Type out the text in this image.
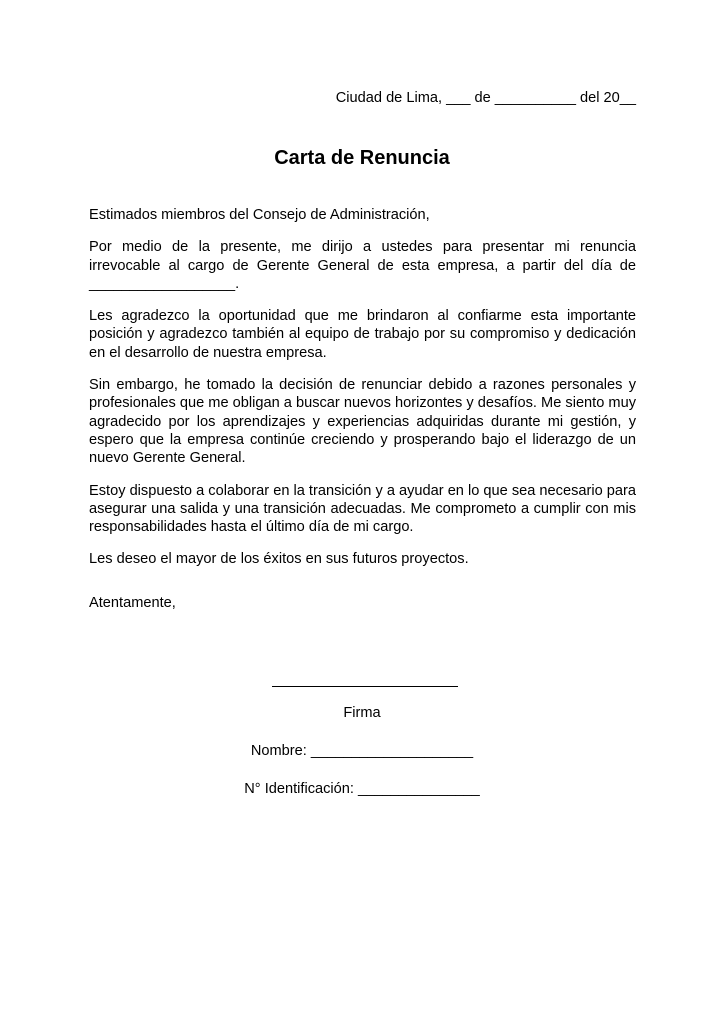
Ciudad de Lima, ___ de __________ del 20__
Carta de Renuncia

Estimados miembros del Consejo de Administración,

Por medio de la presente, me dirijo a ustedes para presentar mi renuncia irrevocable al cargo de Gerente General de esta empresa, a partir del día de __________________.

Les agradezco la oportunidad que me brindaron al confiarme esta importante posición y agradezco también al equipo de trabajo por su compromiso y dedicación en el desarrollo de nuestra empresa.

Sin embargo, he tomado la decisión de renunciar debido a razones personales y profesionales que me obligan a buscar nuevos horizontes y desafíos. Me siento muy agradecido por los aprendizajes y experiencias adquiridas durante mi gestión, y espero que la empresa continúe creciendo y prosperando bajo el liderazgo de un nuevo Gerente General.

Estoy dispuesto a colaborar en la transición y a ayudar en lo que sea necesario para asegurar una salida y una transición adecuadas. Me comprometo a cumplir con mis responsabilidades hasta el último día de mi cargo.

Les deseo el mayor de los éxitos en sus futuros proyectos.

Atentamente,
Firma
Nombre: ____________________
N° Identificación: _______________
